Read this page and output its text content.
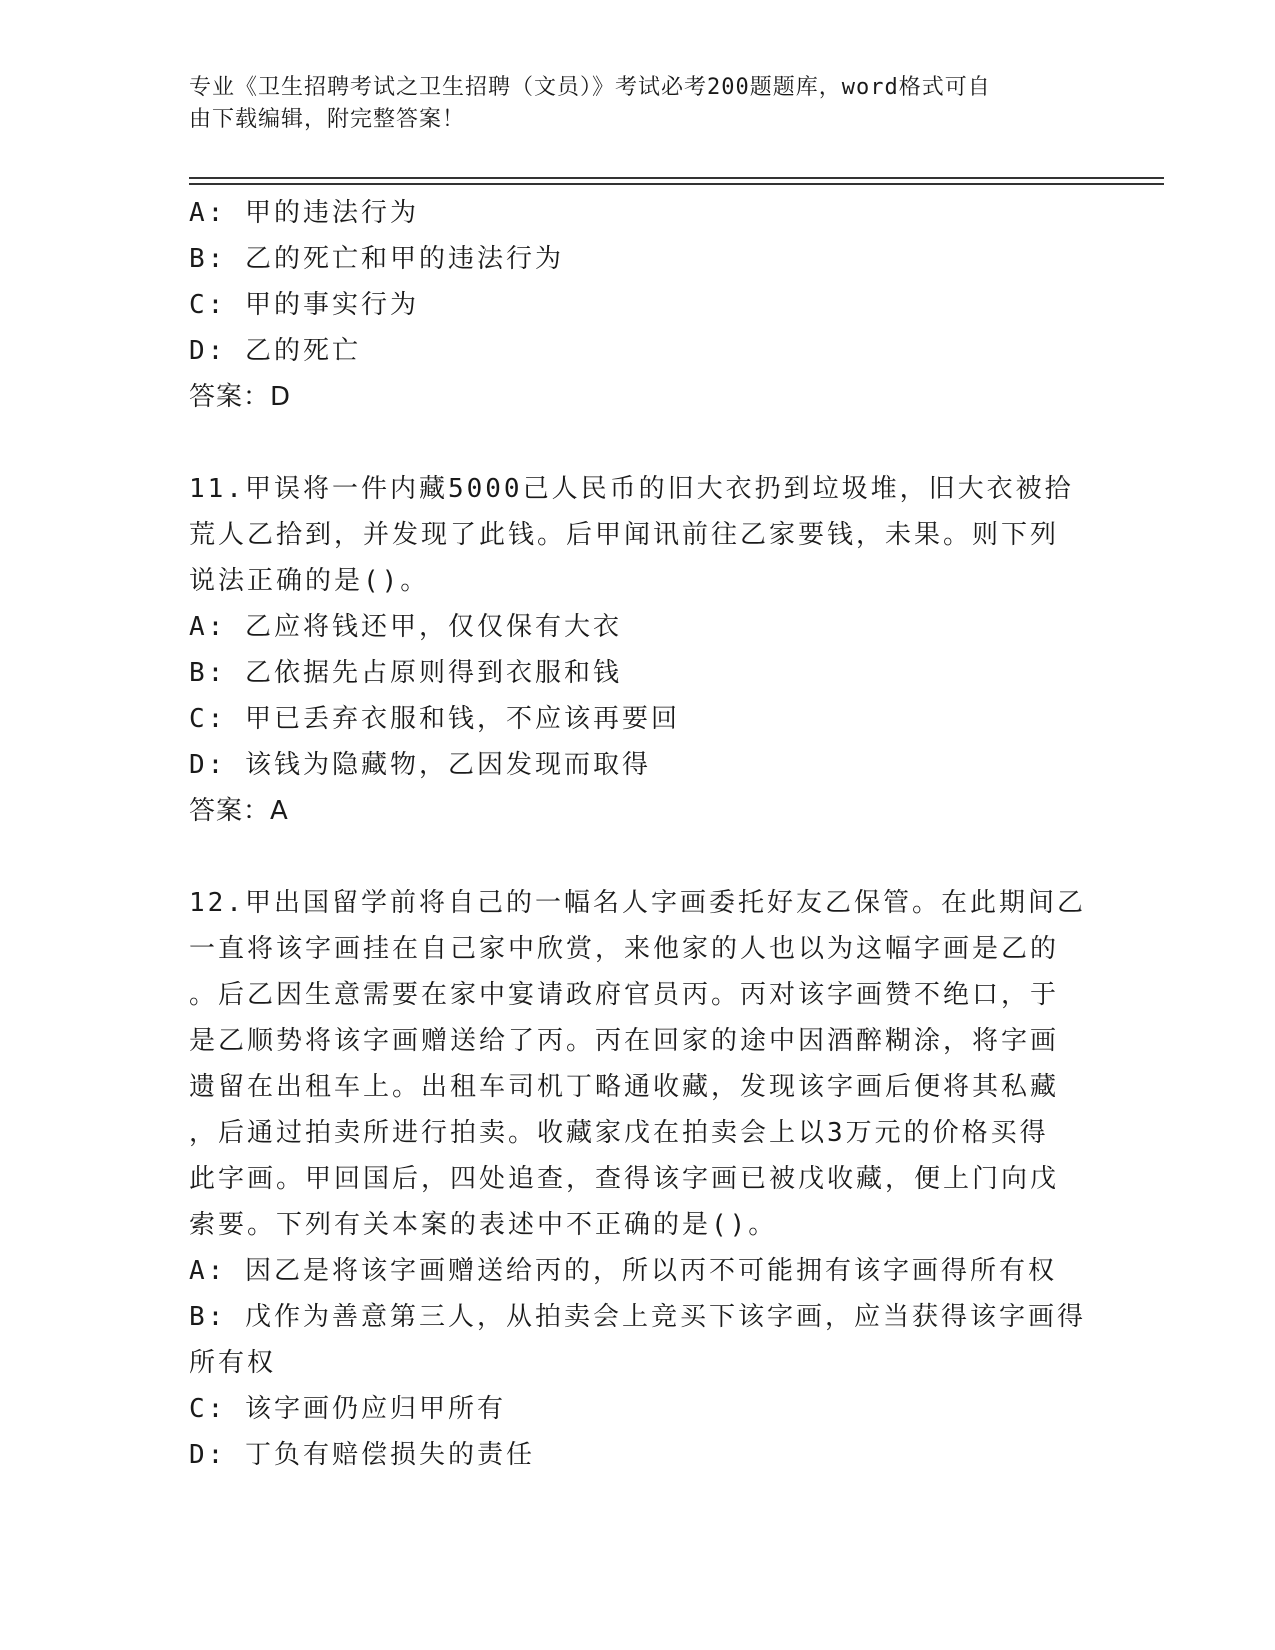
专业《卫生招聘考试之卫生招聘（文员）》考试必考200题题库，word格式可自
由下载编辑，附完整答案！
A: 甲的违法行为
B: 乙的死亡和甲的违法行为
C: 甲的事实行为
D: 乙的死亡
答案：D
11.甲误将一件内藏5000己人民币的旧大衣扔到垃圾堆，旧大衣被拾
荒人乙拾到，并发现了此钱。后甲闻讯前往乙家要钱，未果。则下列
说法正确的是()。
A: 乙应将钱还甲，仅仅保有大衣
B: 乙依据先占原则得到衣服和钱
C: 甲已丢弃衣服和钱，不应该再要回
D: 该钱为隐藏物，乙因发现而取得
答案：A
12.甲出国留学前将自己的一幅名人字画委托好友乙保管。在此期间乙
一直将该字画挂在自己家中欣赏，来他家的人也以为这幅字画是乙的
。后乙因生意需要在家中宴请政府官员丙。丙对该字画赞不绝口，于
是乙顺势将该字画赠送给了丙。丙在回家的途中因酒醉糊涂，将字画
遗留在出租车上。出租车司机丁略通收藏，发现该字画后便将其私藏
，后通过拍卖所进行拍卖。收藏家戊在拍卖会上以3万元的价格买得
此字画。甲回国后，四处追查，查得该字画已被戊收藏，便上门向戊
索要。下列有关本案的表述中不正确的是()。
A: 因乙是将该字画赠送给丙的，所以丙不可能拥有该字画得所有权
B: 戊作为善意第三人，从拍卖会上竞买下该字画，应当获得该字画得
所有权
C: 该字画仍应归甲所有
D: 丁负有赔偿损失的责任
